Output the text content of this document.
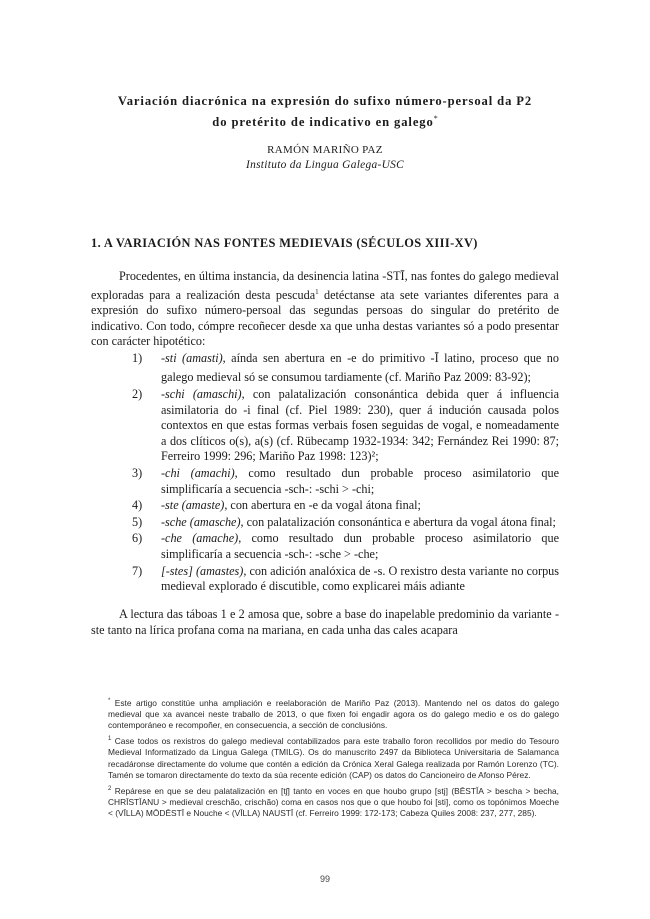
Variación diacrónica na expresión do sufixo número-persoal da P2
do pretérito de indicativo en galego*
RAMÓN MARIÑO PAZ
Instituto da Lingua Galega-USC
1. A VARIACIÓN NAS FONTES MEDIEVAIS (SÉCULOS XIII-XV)
Procedentes, en última instancia, da desinencia latina -STĪ, nas fontes do galego medieval exploradas para a realización desta pescuda$^1$ detéctanse ata sete variantes diferentes para a expresión do sufixo número-persoal das segundas persoas do singular do pretérito de indicativo. Con todo, cómpre recoñecer desde xa que unha destas variantes só a podo presentar con carácter hipotético:
1) -sti (amasti), aínda sen abertura en -e do primitivo -Ī latino, proceso que no galego medieval só se consumou tardiamente (cf. Mariño Paz 2009: 83-92);
2) -schi (amaschi), con palatalización consonántica debida quer á influencia asimilatoria do -i final (cf. Piel 1989: 230), quer á indución causada polos contextos en que estas formas verbais fosen seguidas de vogal, e nomeadamente a dos clíticos o(s), a(s) (cf. Rübecamp 1932-1934: 342; Fernández Rei 1990: 87; Ferreiro 1999: 296; Mariño Paz 1998: 123)²;
3) -chi (amachi), como resultado dun probable proceso asimilatorio que simplificaría a secuencia -sch-: -schi > -chi;
4) -ste (amaste), con abertura en -e da vogal átona final;
5) -sche (amasche), con palatalización consonántica e abertura da vogal átona final;
6) -che (amache), como resultado dun probable proceso asimilatorio que simplificaría a secuencia -sch-: -sche > -che;
7) [-stes] (amastes), con adición analóxica de -s. O rexistro desta variante no corpus medieval explorado é discutible, como explicarei máis adiante
A lectura das táboas 1 e 2 amosa que, sobre a base do inapelable predominio da variante -ste tanto na lírica profana coma na mariana, en cada unha das cales acapara

* Este artigo constitúe unha ampliación e reelaboración de Mariño Paz (2013). Mantendo nel os datos do galego medieval que xa avancei neste traballo de 2013, o que fixen foi engadir agora os do galego medio e os do galego contemporáneo e recompoñer, en consecuencia, a sección de conclusións.

$^1$ Case todos os rexistros do galego medieval contabilizados para este traballo foron recollidos por medio do Tesouro Medieval Informatizado da Lingua Galega (TMILG). Os do manuscrito 2497 da Biblioteca Universitaria de Salamanca recadáronse directamente do volume que contén a edición da Crónica Xeral Galega realizada por Ramón Lorenzo (TC). Tamén se tomaron directamente do texto da súa recente edición (CAP) os datos do Cancioneiro de Afonso Pérez.

$^2$ Repárese en que se deu palatalización en [tʃ] tanto en voces en que houbo grupo [stj] (BĒSTĬA > bescha > becha, CHRĪSTĬANU > medieval creschão, crischão) coma en casos nos que o que houbo foi [sti], como os topónimos Moeche < (VĪLLA) MŌDĒSTĪ e Nouche < (VĪLLA) NAUSTĪ (cf. Ferreiro 1999: 172-173; Cabeza Quiles 2008: 237, 277, 285).

99
